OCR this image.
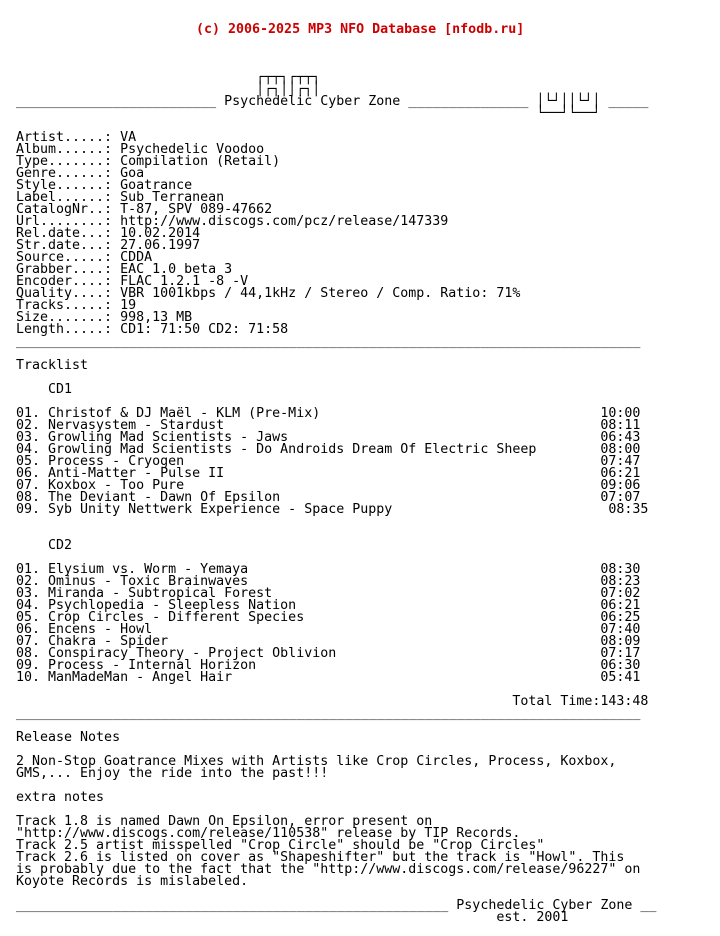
(c) 2006-2025 MP3 NFO Database [nfodb.ru]

┌┬┬┐┌┬┬┐
│┌┐││┌┐│
_________________________ Psychedelic Cyber Zone _______________ │└┘││└┘│ _____
└──┘└──┘
Artist.....: VA
Album......: Psychedelic Voodoo
Type.......: Compilation (Retail)
Genre......: Goa
Style......: Goatrance
Label......: Sub Terranean
CatalogNr..: T-87, SPV 089-47662
Url........: http://www.discogs.com/pcz/release/147339
Rel.date...: 10.02.2014
Str.date...: 27.06.1997
Source.....: CDDA
Grabber....: EAC 1.0 beta 3
Encoder....: FLAC 1.2.1 -8 -V
Quality....: VBR 1001kbps / 44,1kHz / Stereo / Comp. Ratio: 71%
Tracks.....: 19
Size.......: 998,13 MB
Length.....: CD1: 71:50 CD2: 71:58
______________________________________________________________________________
Tracklist
CD1
01. Christof & DJ Maël - KLM (Pre-Mix)                                   10:00
02. Nervasystem - Stardust                                               08:11
03. Growling Mad Scientists - Jaws                                       06:43
04. Growling Mad Scientists - Do Androids Dream Of Electric Sheep        08:00
05. Process - Cryogen                                                    07:47
06. Anti-Matter - Pulse II                                               06:21
07. Koxbox - Too Pure                                                    09:06
08. The Deviant - Dawn Of Epsilon                                        07:07
09. Syb Unity Nettwerk Experience - Space Puppy                           08:35
CD2
01. Elysium vs. Worm - Yemaya                                            08:30
02. Ominus - Toxic Brainwaves                                            08:23
03. Miranda - Subtropical Forest                                         07:02
04. Psychlopedia - Sleepless Nation                                      06:21
05. Crop Circles - Different Species                                     06:25
06. Encens - Howl                                                        07:40
07. Chakra - Spider                                                      08:09
08. Conspiracy Theory - Project Oblivion                                 07:17
09. Process - Internal Horizon                                           06:30
10. ManMadeMan - Angel Hair                                              05:41
Total Time:143:48
______________________________________________________________________________
Release Notes
2 Non-Stop Goatrance Mixes with Artists like Crop Circles, Process, Koxbox,
GMS,... Enjoy the ride into the past!!!
extra notes
Track 1.8 is named Dawn On Epsilon, error present on
"http://www.discogs.com/release/110538" release by TIP Records.
Track 2.5 artist misspelled "Crop Circle" should be "Crop Circles"
Track 2.6 is listed on cover as "Shapeshifter" but the track is "Howl". This
is probably due to the fact that the "http://www.discogs.com/release/96227" on
Koyote Records is mislabeled.
______________________________________________________ Psychedelic Cyber Zone __
est. 2001
